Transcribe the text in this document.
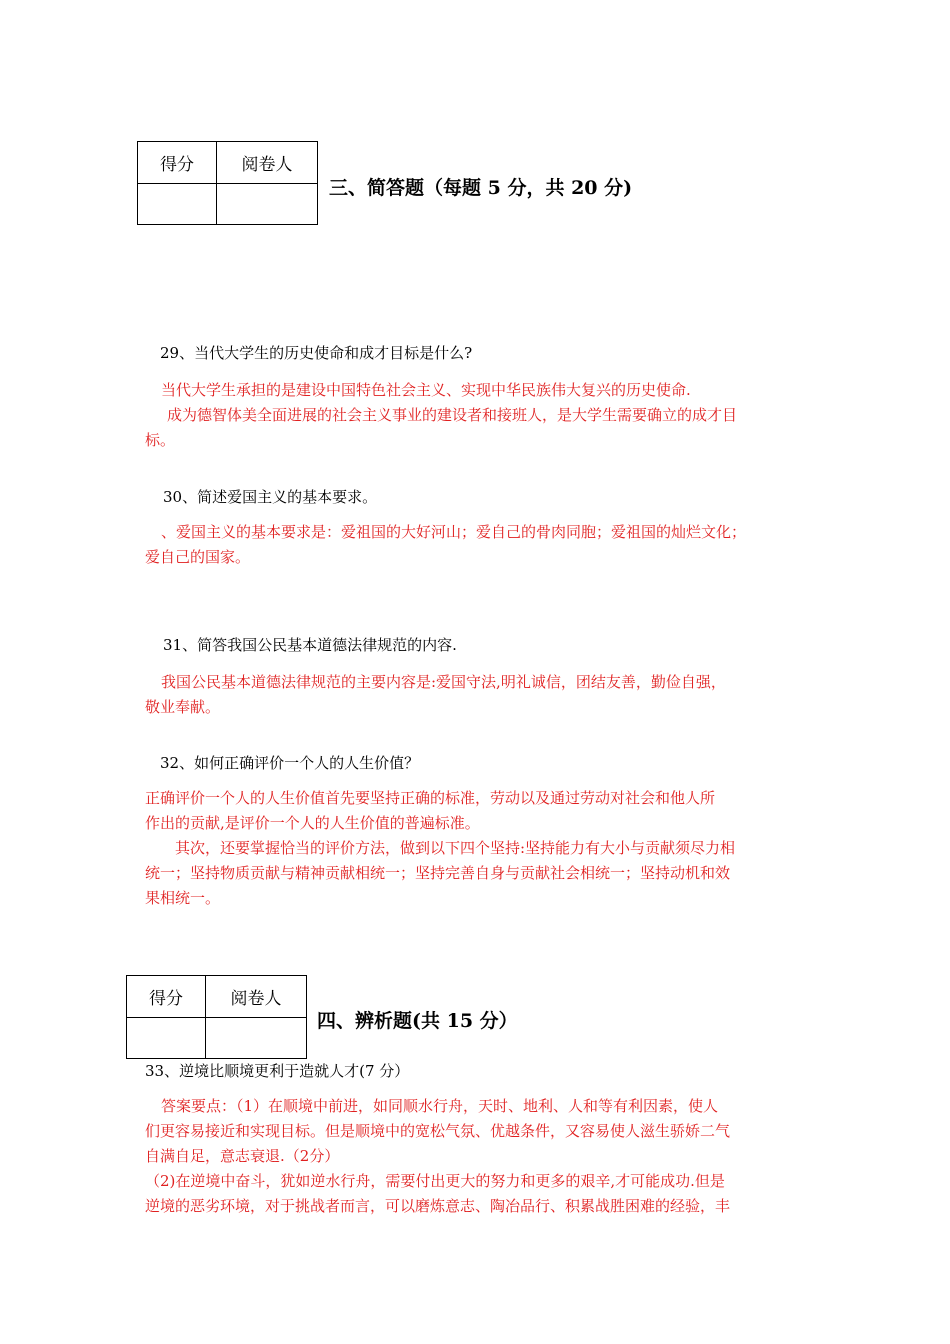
得分	阅卷人

三、简答题（每题 5 分，共 20 分)
29、当代大学生的历史使命和成才目标是什么?

当代大学生承担的是建设中国特色社会主义、实现中华民族伟大复兴的历史使命.

成为德智体美全面进展的社会主义事业的建设者和接班人，是大学生需要确立的成才目

标。

30、简述爱国主义的基本要求。

、爱国主义的基本要求是：爱祖国的大好河山；爱自己的骨肉同胞；爱祖国的灿烂文化；

爱自己的国家。

31、简答我国公民基本道德法律规范的内容.

我国公民基本道德法律规范的主要内容是:爱国守法,明礼诚信，团结友善，勤俭自强，

敬业奉献。

32、如何正确评价一个人的人生价值？

正确评价一个人的人生价值首先要坚持正确的标准，劳动以及通过劳动对社会和他人所

作出的贡献,是评价一个人的人生价值的普遍标准。

其次，还要掌握恰当的评价方法，做到以下四个坚持:坚持能力有大小与贡献须尽力相

统一；坚持物质贡献与精神贡献相统一；坚持完善自身与贡献社会相统一；坚持动机和效

果相统一。

得分	阅卷人

四、辨析题(共 15 分）
33、逆境比顺境更利于造就人才(7 分）

答案要点：（1）在顺境中前进，如同顺水行舟，天时、地利、人和等有利因素，使人

们更容易接近和实现目标。但是顺境中的宽松气氛、优越条件，又容易使人滋生骄娇二气

自满自足，意志衰退.（2分）

（2)在逆境中奋斗，犹如逆水行舟，需要付出更大的努力和更多的艰辛,才可能成功.但是

逆境的恶劣环境，对于挑战者而言，可以磨炼意志、陶冶品行、积累战胜困难的经验，丰
